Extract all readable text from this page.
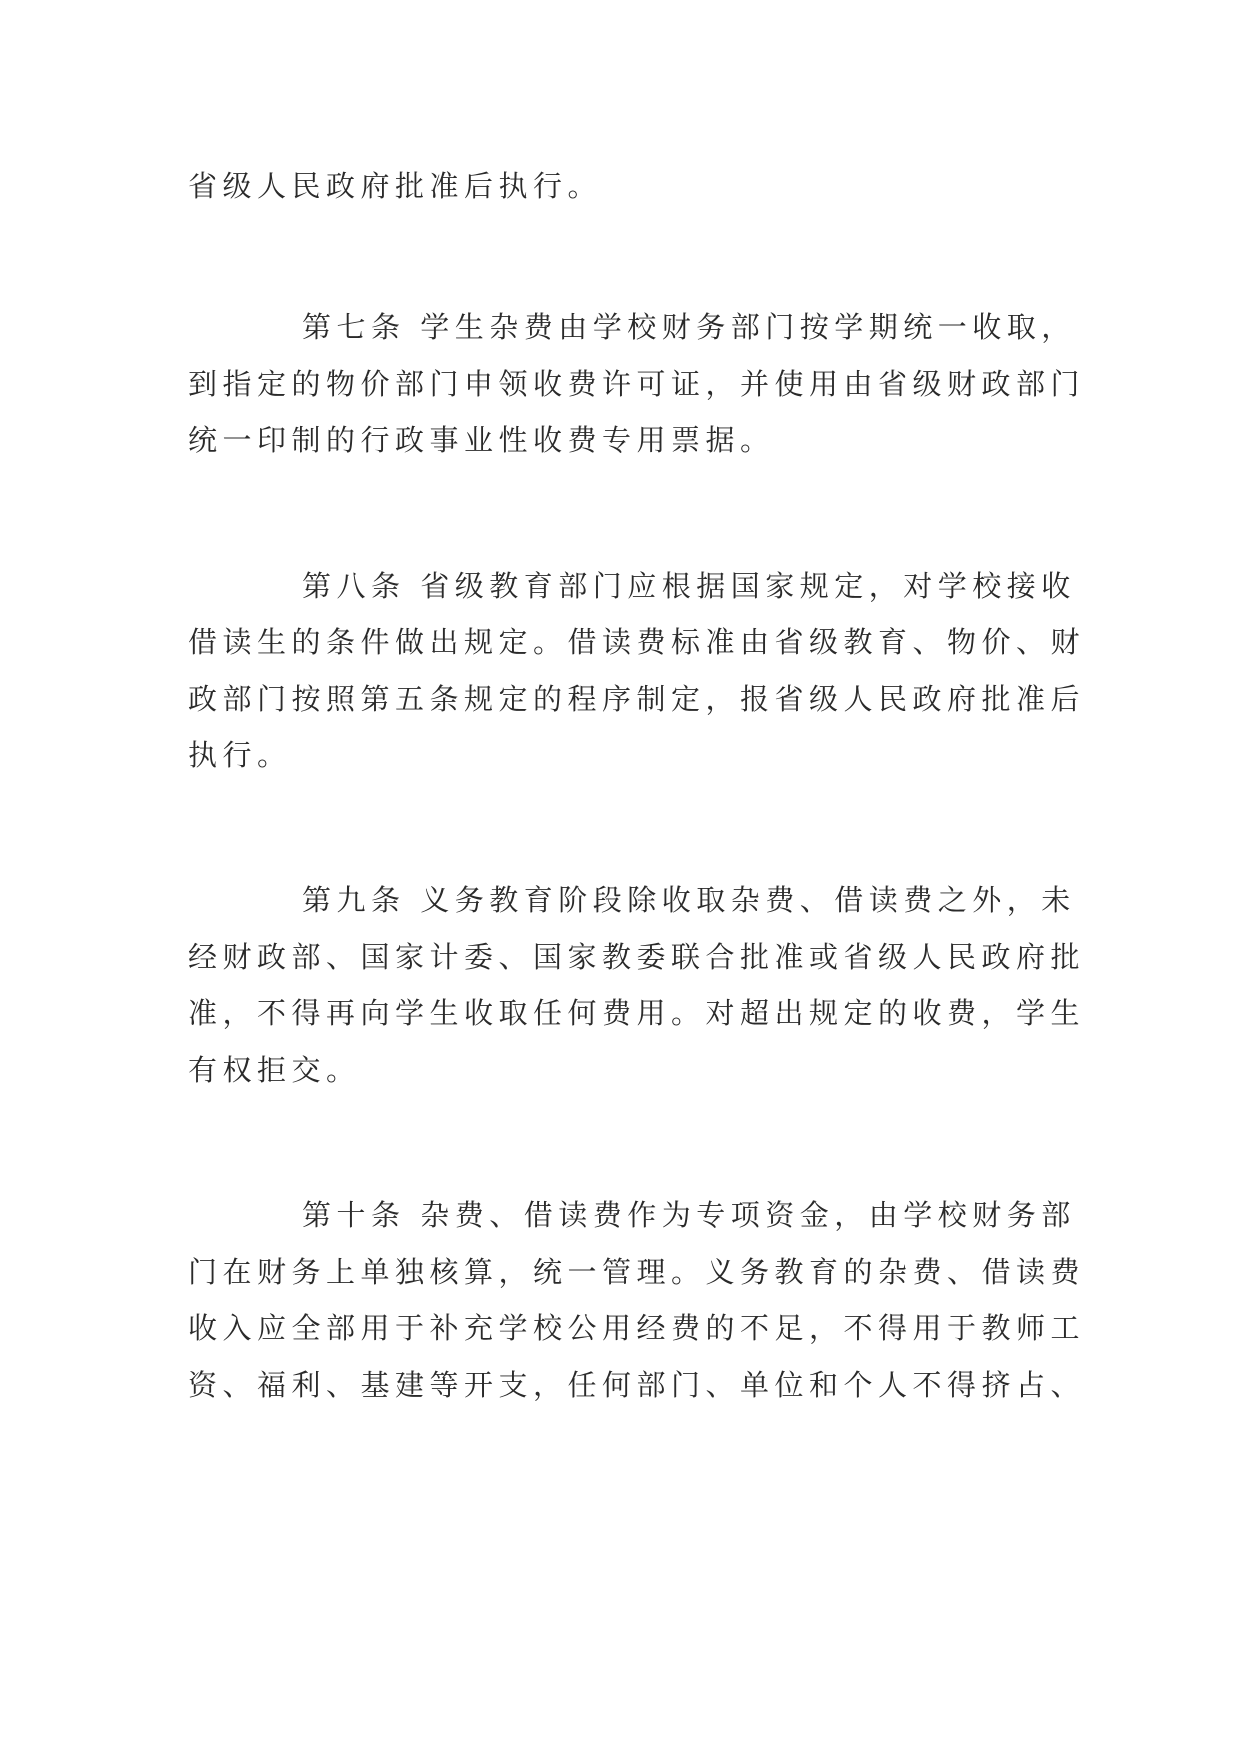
省级人民政府批准后执行。

第七条 学生杂费由学校财务部门按学期统一收取，

到指定的物价部门申领收费许可证，并使用由省级财政部门

统一印制的行政事业性收费专用票据。

第八条 省级教育部门应根据国家规定，对学校接收

借读生的条件做出规定。借读费标准由省级教育、物价、财

政部门按照第五条规定的程序制定，报省级人民政府批准后

执行。

第九条 义务教育阶段除收取杂费、借读费之外，未

经财政部、国家计委、国家教委联合批准或省级人民政府批

准，不得再向学生收取任何费用。对超出规定的收费，学生

有权拒交。

第十条 杂费、借读费作为专项资金，由学校财务部

门在财务上单独核算，统一管理。义务教育的杂费、借读费

收入应全部用于补充学校公用经费的不足，不得用于教师工

资、福利、基建等开支，任何部门、单位和个人不得挤占、
